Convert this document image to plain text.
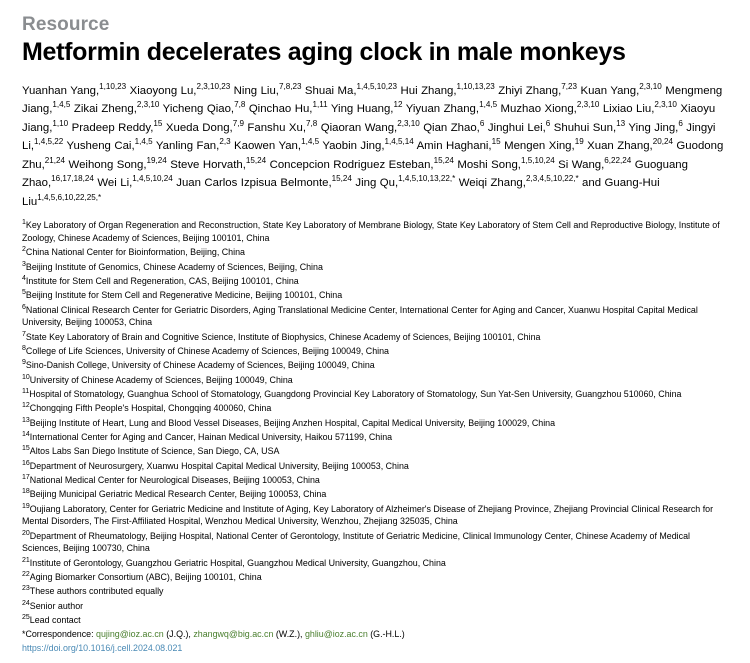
Resource
Metformin decelerates aging clock in male monkeys
Yuanhan Yang,$^{1,10,23}$ Xiaoyong Lu,$^{2,3,10,23}$ Ning Liu,$^{7,8,23}$ Shuai Ma,$^{1,4,5,10,23}$ Hui Zhang,$^{1,10,13,23}$ Zhiyi Zhang,$^{7,23}$ Kuan Yang,$^{2,3,10}$ Mengmeng Jiang,$^{1,4,5}$ Zikai Zheng,$^{2,3,10}$ Yicheng Qiao,$^{7,8}$ Qinchao Hu,$^{1,11}$ Ying Huang,$^{12}$ Yiyuan Zhang,$^{1,4,5}$ Muzhao Xiong,$^{2,3,10}$ Lixiao Liu,$^{2,3,10}$ Xiaoyu Jiang,$^{1,10}$ Pradeep Reddy,$^{15}$ Xueda Dong,$^{7,9}$ Fanshu Xu,$^{7,8}$ Qiaoran Wang,$^{2,3,10}$ Qian Zhao,$^6$ Jinghui Lei,$^6$ Shuhui Sun,$^{13}$ Ying Jing,$^6$ Jingyi Li,$^{1,4,5,22}$ Yusheng Cai,$^{1,4,5}$ Yanling Fan,$^{2,3}$ Kaowen Yan,$^{1,4,5}$ Yaobin Jing,$^{1,4,5,14}$ Amin Haghani,$^{15}$ Mengen Xing,$^{19}$ Xuan Zhang,$^{20,24}$ Guodong Zhu,$^{21,24}$ Weihong Song,$^{19,24}$ Steve Horvath,$^{15,24}$ Concepcion Rodriguez Esteban,$^{15,24}$ Moshi Song,$^{1,5,10,24}$ Si Wang,$^{6,22,24}$ Guoguang Zhao,$^{16,17,18,24}$ Wei Li,$^{1,4,5,10,24}$ Juan Carlos Izpisua Belmonte,$^{15,24}$ Jing Qu,$^{1,4,5,10,13,22,*}$ Weiqi Zhang,$^{2,3,4,5,10,22,*}$ and Guang-Hui Liu$^{1,4,5,6,10,22,25,*}$
$^1$Key Laboratory of Organ Regeneration and Reconstruction, State Key Laboratory of Membrane Biology, State Key Laboratory of Stem Cell and Reproductive Biology, Institute of Zoology, Chinese Academy of Sciences, Beijing 100101, China
$^2$China National Center for Bioinformation, Beijing, China
$^3$Beijing Institute of Genomics, Chinese Academy of Sciences, Beijing, China
$^4$Institute for Stem Cell and Regeneration, CAS, Beijing 100101, China
$^5$Beijing Institute for Stem Cell and Regenerative Medicine, Beijing 100101, China
$^6$National Clinical Research Center for Geriatric Disorders, Aging Translational Medicine Center, International Center for Aging and Cancer, Xuanwu Hospital Capital Medical University, Beijing 100053, China
$^7$State Key Laboratory of Brain and Cognitive Science, Institute of Biophysics, Chinese Academy of Sciences, Beijing 100101, China
$^8$College of Life Sciences, University of Chinese Academy of Sciences, Beijing 100049, China
$^9$Sino-Danish College, University of Chinese Academy of Sciences, Beijing 100049, China
$^{10}$University of Chinese Academy of Sciences, Beijing 100049, China
$^{11}$Hospital of Stomatology, Guanghua School of Stomatology, Guangdong Provincial Key Laboratory of Stomatology, Sun Yat-Sen University, Guangzhou 510060, China
$^{12}$Chongqing Fifth People's Hospital, Chongqing 400060, China
$^{13}$Beijing Institute of Heart, Lung and Blood Vessel Diseases, Beijing Anzhen Hospital, Capital Medical University, Beijing 100029, China
$^{14}$International Center for Aging and Cancer, Hainan Medical University, Haikou 571199, China
$^{15}$Altos Labs San Diego Institute of Science, San Diego, CA, USA
$^{16}$Department of Neurosurgery, Xuanwu Hospital Capital Medical University, Beijing 100053, China
$^{17}$National Medical Center for Neurological Diseases, Beijing 100053, China
$^{18}$Beijing Municipal Geriatric Medical Research Center, Beijing 100053, China
$^{19}$Oujiang Laboratory, Center for Geriatric Medicine and Institute of Aging, Key Laboratory of Alzheimer's Disease of Zhejiang Province, Zhejiang Provincial Clinical Research for Mental Disorders, The First-Affiliated Hospital, Wenzhou Medical University, Wenzhou, Zhejiang 325035, China
$^{20}$Department of Rheumatology, Beijing Hospital, National Center of Gerontology, Institute of Geriatric Medicine, Clinical Immunology Center, Chinese Academy of Medical Sciences, Beijing 100730, China
$^{21}$Institute of Gerontology, Guangzhou Geriatric Hospital, Guangzhou Medical University, Guangzhou, China
$^{22}$Aging Biomarker Consortium (ABC), Beijing 100101, China
$^{23}$These authors contributed equally
$^{24}$Senior author
$^{25}$Lead contact
*Correspondence: qujing@ioz.ac.cn (J.Q.), zhangwq@big.ac.cn (W.Z.), ghliu@ioz.ac.cn (G.-H.L.)
https://doi.org/10.1016/j.cell.2024.08.021
